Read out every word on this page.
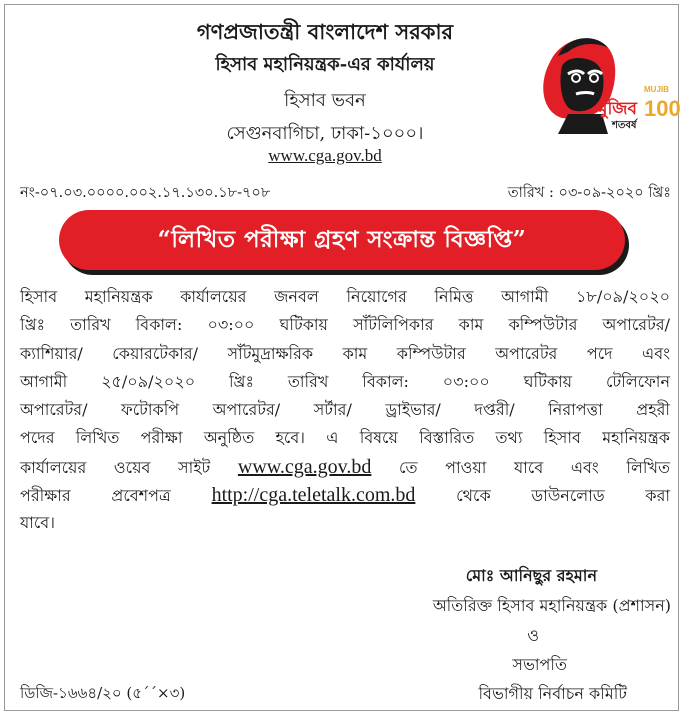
গণপ্রজাতন্ত্রী বাংলাদেশ সরকার
হিসাব মহানিয়ন্ত্রক-এর কার্যালয়
হিসাব ভবন
সেগুনবাগিচা, ঢাকা-১০০০।
www.cga.gov.bd
মুজিব
শতবর্ষ
MUJIB
100
নং-০৭.০৩.০০০০.০০২.১৭.১৩০.১৮-৭০৮	তারিখ : ০৩-০৯-২০২০ খ্রিঃ
“লিখিত পরীক্ষা গ্রহণ সংক্রান্ত বিজ্ঞপ্তি”
হিসাব মহানিয়ন্ত্রক কার্যালয়ের জনবল নিয়োগের নিমিত্ত আগামী ১৮/০৯/২০২০
খ্রিঃ তারিখ বিকাল: ০৩:০০ ঘটিকায় সাঁটলিপিকার কাম কম্পিউটার অপারেটর/
ক্যাশিয়ার/ কেয়ারটেকার/ সাঁটমুদ্রাক্ষরিক কাম কম্পিউটার অপারেটর পদে এবং
আগামী ২৫/০৯/২০২০ খ্রিঃ তারিখ বিকাল: ০৩:০০ ঘটিকায় টেলিফোন
অপারেটর/ ফটোকপি অপারেটর/ সর্টার/ ড্রাইভার/ দপ্তরী/ নিরাপত্তা প্রহরী
পদের লিখিত পরীক্ষা অনুষ্ঠিত হবে। এ বিষয়ে বিস্তারিত তথ্য হিসাব মহানিয়ন্ত্রক
কার্যালয়ের ওয়েব সাইট www.cga.gov.bd তে পাওয়া যাবে এবং লিখিত
পরীক্ষার প্রবেশপত্র http://cga.teletalk.com.bd	থেকে ডাউনলোড করা
যাবে।
মোঃ আনিছুর রহমান
অতিরিক্ত হিসাব মহানিয়ন্ত্রক (প্রশাসন)
ও
সভাপতি
বিভাগীয় নির্বাচন কমিটি
ডিজি-১৬৬৪/২০ (৫´´×৩)
